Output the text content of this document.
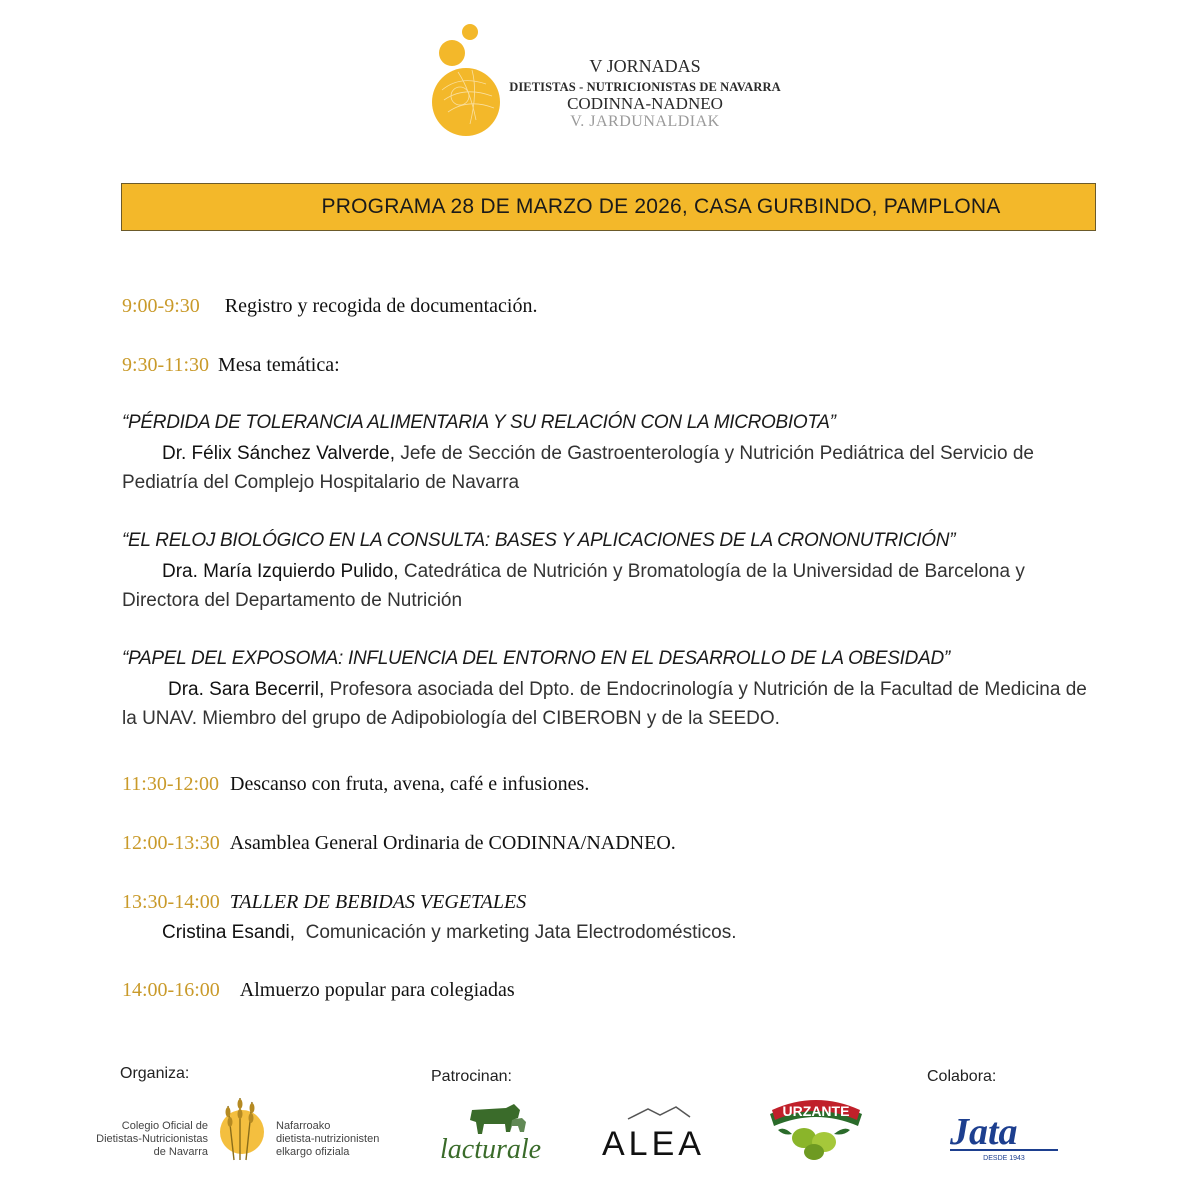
V JORNADAS
DIETISTAS - NUTRICIONISTAS DE NAVARRA
CODINNA-NADNEO
V. JARDUNALDIAK
PROGRAMA 28 DE MARZO DE 2026, CASA GURBINDO, PAMPLONA
9:00-9:30 Registro y recogida de documentación.
9:30-11:30 Mesa temática:
“PÉRDIDA DE TOLERANCIA ALIMENTARIA Y SU RELACIÓN CON LA MICROBIOTA”
Dr. Félix Sánchez Valverde, Jefe de Sección de Gastroenterología y Nutrición Pediátrica del Servicio de Pediatría del Complejo Hospitalario de Navarra
“EL RELOJ BIOLÓGICO EN LA CONSULTA: BASES Y APLICACIONES DE LA CRONONUTRICIÓN”
Dra. María Izquierdo Pulido, Catedrática de Nutrición y Bromatología de la Universidad de Barcelona y Directora del Departamento de Nutrición
“PAPEL DEL EXPOSOMA: INFLUENCIA DEL ENTORNO EN EL DESARROLLO DE LA OBESIDAD”
Dra. Sara Becerril, Profesora asociada del Dpto. de Endocrinología y Nutrición de la Facultad de Medicina de la UNAV. Miembro del grupo de Adipobiología del CIBEROBN y de la SEEDO.
11:30-12:00 Descanso con fruta, avena, café e infusiones.
12:00-13:30 Asamblea General Ordinaria de CODINNA/NADNEO.
13:30-14:00 TALLER DE BEBIDAS VEGETALES
Cristina Esandi, Comunicación y marketing Jata Electrodomésticos.
14:00-16:00 Almuerzo popular para colegiadas
Organiza:	Patrocinan:	Colabora:
Colegio Oficial de
Dietistas-Nutricionistas
de Navarra
Nafarroako
dietista-nutrizionisten
elkargo ofiziala	lacturale ALEA
URZANTE	Jata
DESDE 1943
